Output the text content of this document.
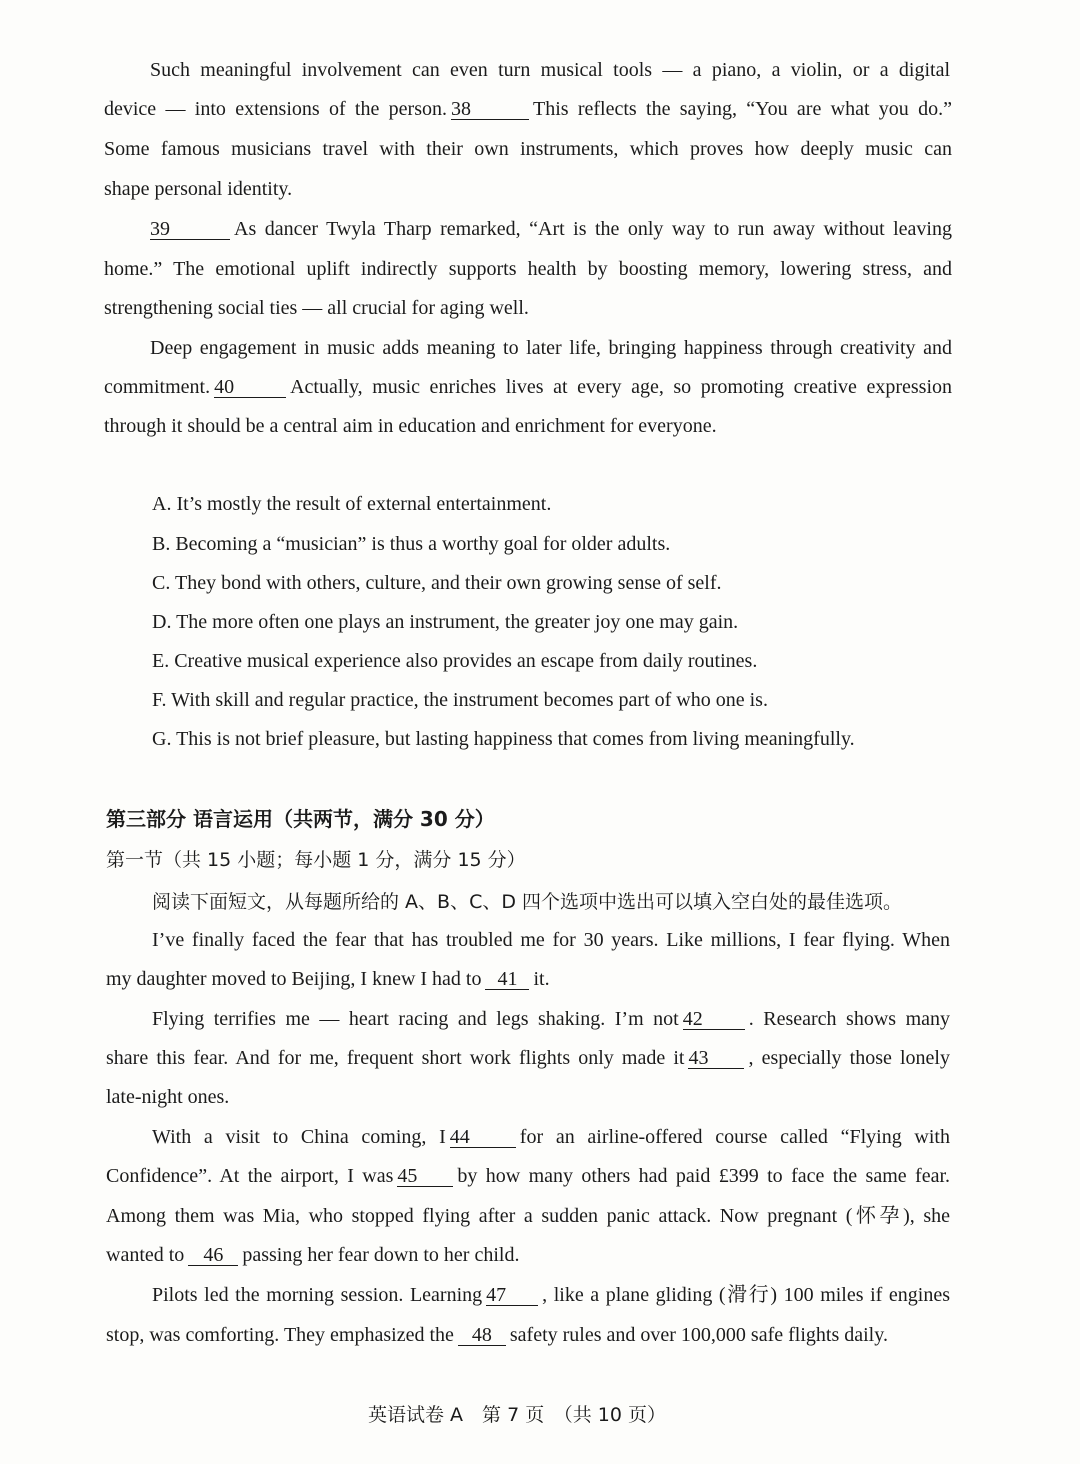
Such meaningful involvement can even turn musical tools — a piano, a violin, or a digital
device — into extensions of the person. 38	This reflects the saying, “You are what you do.”
Some famous musicians travel with their own instruments, which proves how deeply music can
shape personal identity.
39	As dancer Twyla Tharp remarked, “Art is the only way to run away without leaving
home.” The emotional uplift indirectly supports health by boosting memory, lowering stress, and
strengthening social ties — all crucial for aging well.
Deep engagement in music adds meaning to later life, bringing happiness through creativity and
commitment. 40	Actually, music enriches lives at every age, so promoting creative expression
through it should be a central aim in education and enrichment for everyone.
A. It’s mostly the result of external entertainment.
B. Becoming a “musician” is thus a worthy goal for older adults.
C. They bond with others, culture, and their own growing sense of self.
D. The more often one plays an instrument, the greater joy one may gain.
E. Creative musical experience also provides an escape from daily routines.
F. With skill and regular practice, the instrument becomes part of who one is.
G. This is not brief pleasure, but lasting happiness that comes from living meaningfully.
第三部分 语言运用（共两节，满分 30 分）
第一节（共 15 小题；每小题 1 分，满分 15 分）
阅读下面短文，从每题所给的 A、B、C、D 四个选项中选出可以填入空白处的最佳选项。
I’ve finally faced the fear that has troubled me for 30 years. Like millions, I fear flying. When
my daughter moved to Beijing, I knew I had to 41 it.
Flying terrifies me — heart racing and legs shaking. I’m not 42 . Research shows many
share this fear. And for me, frequent short work flights only made it 43 , especially those lonely
late-night ones.
With a visit to China coming, I 44	for an airline-offered course called “Flying with
Confidence”. At the airport, I was 45 by how many others had paid £399 to face the same fear.
Among them was Mia, who stopped flying after a sudden panic attack. Now pregnant (怀孕), she
wanted to 46 passing her fear down to her child.
Pilots led the morning session. Learning 47 , like a plane gliding (滑行) 100 miles if engines
stop, was comforting. They emphasized the 48 safety rules and over 100,000 safe flights daily.
英语试卷 A　第 7 页　（共 10 页）
